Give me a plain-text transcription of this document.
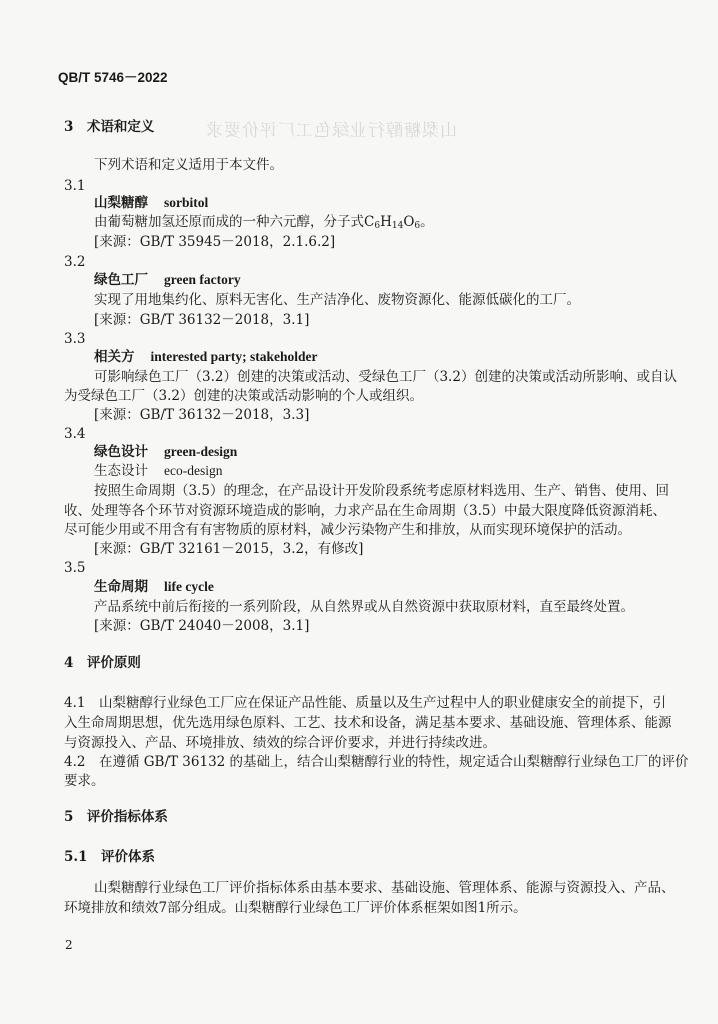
山梨糖醇行业绿色工厂评价要求
QB/T 5746－2022
3　术语和定义
下列术语和定义适用于本文件。
3.1
山梨糖醇 sorbitol
由葡萄糖加氢还原而成的一种六元醇，分子式$C_6H_{14}O_6$。
[来源：GB/T 35945－2018，2.1.6.2]
3.2
绿色工厂 green factory
实现了用地集约化、原料无害化、生产洁净化、废物资源化、能源低碳化的工厂。
[来源：GB/T 36132－2018，3.1]
3.3
相关方 interested party; stakeholder
可影响绿色工厂（3.2）创建的决策或活动、受绿色工厂（3.2）创建的决策或活动所影响、或自认
为受绿色工厂（3.2）创建的决策或活动影响的个人或组织。
[来源：GB/T 36132－2018，3.3]
3.4
绿色设计 green-design
生态设计 eco-design
按照生命周期（3.5）的理念，在产品设计开发阶段系统考虑原材料选用、生产、销售、使用、回
收、处理等各个环节对资源环境造成的影响，力求产品在生命周期（3.5）中最大限度降低资源消耗、
尽可能少用或不用含有有害物质的原材料，减少污染物产生和排放，从而实现环境保护的活动。
[来源：GB/T 32161－2015，3.2，有修改]
3.5
生命周期 life cycle
产品系统中前后衔接的一系列阶段，从自然界或从自然资源中获取原材料，直至最终处置。
[来源：GB/T 24040－2008，3.1]
4　评价原则
4.1　山梨糖醇行业绿色工厂应在保证产品性能、质量以及生产过程中人的职业健康安全的前提下，引
入生命周期思想，优先选用绿色原料、工艺、技术和设备，满足基本要求、基础设施、管理体系、能源
与资源投入、产品、环境排放、绩效的综合评价要求，并进行持续改进。
4.2　在遵循 GB/T 36132 的基础上，结合山梨糖醇行业的特性，规定适合山梨糖醇行业绿色工厂的评价
要求。
5　评价指标体系
5.1　评价体系
山梨糖醇行业绿色工厂评价指标体系由基本要求、基础设施、管理体系、能源与资源投入、产品、
环境排放和绩效7部分组成。山梨糖醇行业绿色工厂评价体系框架如图1所示。
2
